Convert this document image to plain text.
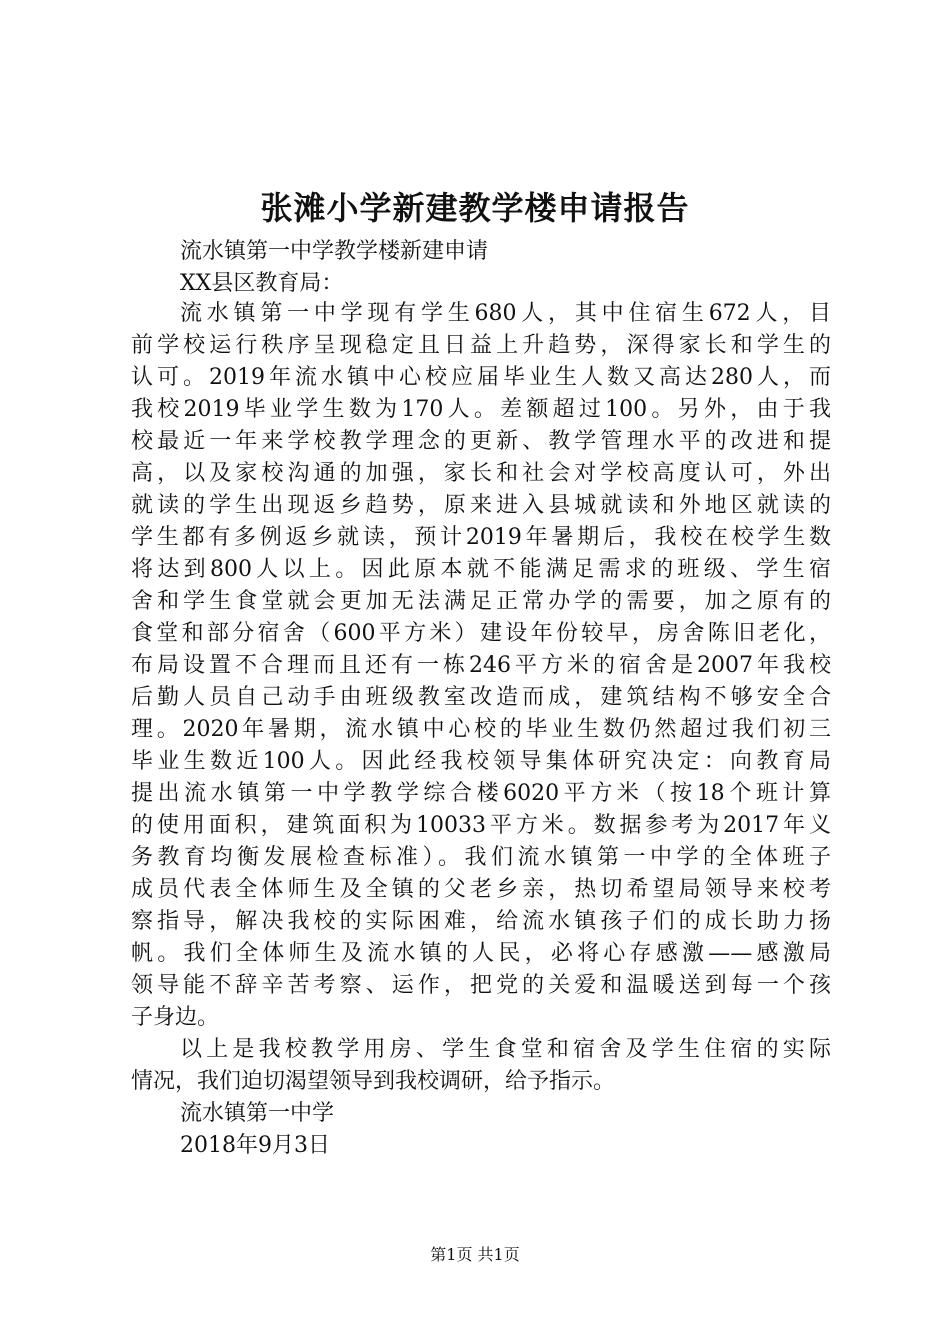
张滩小学新建教学楼申请报告
流水镇第一中学教学楼新建申请
XX县区教育局：
流水镇第一中学现有学生680人，其中住宿生672人，目
前学校运行秩序呈现稳定且日益上升趋势，深得家长和学生的
认可。2019年流水镇中心校应届毕业生人数又高达280人，而
我校2019毕业学生数为170人。差额超过100。另外，由于我
校最近一年来学校教学理念的更新、教学管理水平的改进和提
高，以及家校沟通的加强，家长和社会对学校高度认可，外出
就读的学生出现返乡趋势，原来进入县城就读和外地区就读的
学生都有多例返乡就读，预计2019年暑期后，我校在校学生数
将达到800人以上。因此原本就不能满足需求的班级、学生宿
舍和学生食堂就会更加无法满足正常办学的需要，加之原有的
食堂和部分宿舍（600平方米）建设年份较早，房舍陈旧老化，
布局设置不合理而且还有一栋246平方米的宿舍是2007年我校
后勤人员自己动手由班级教室改造而成，建筑结构不够安全合
理。2020年暑期，流水镇中心校的毕业生数仍然超过我们初三
毕业生数近100人。因此经我校领导集体研究决定：向教育局
提出流水镇第一中学教学综合楼6020平方米（按18个班计算
的使用面积，建筑面积为10033平方米。数据参考为2017年义
务教育均衡发展检查标准）。我们流水镇第一中学的全体班子
成员代表全体师生及全镇的父老乡亲，热切希望局领导来校考
察指导，解决我校的实际困难，给流水镇孩子们的成长助力扬
帆。我们全体师生及流水镇的人民，必将心存感激——感激局
领导能不辞辛苦考察、运作，把党的关爱和温暖送到每一个孩
子身边。
以上是我校教学用房、学生食堂和宿舍及学生住宿的实际
情况，我们迫切渴望领导到我校调研，给予指示。
流水镇第一中学
2018年9月3日
第1页 共1页
